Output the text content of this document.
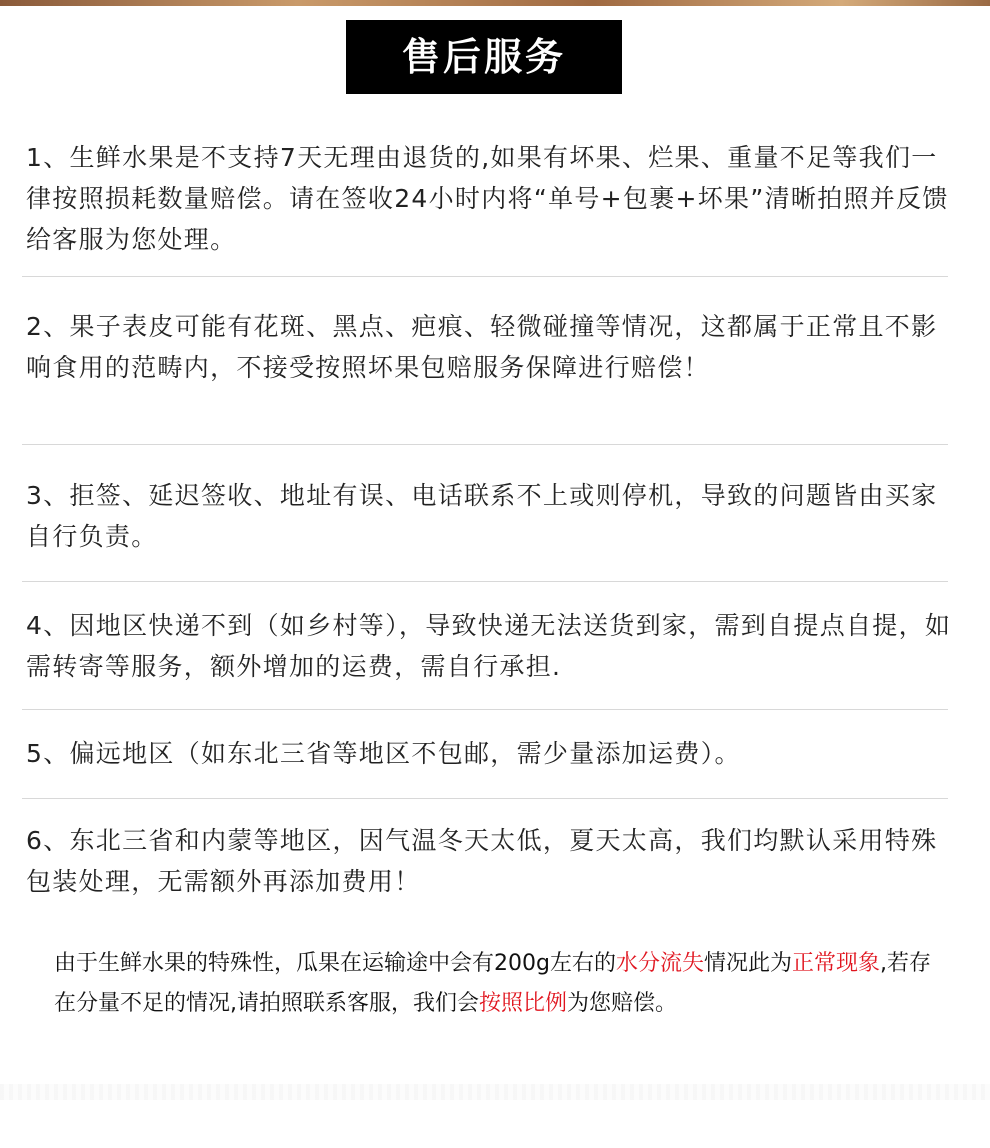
售后服务
1、生鲜水果是不支持7天无理由退货的,如果有坏果、烂果、重量不足等我们一律按照损耗数量赔偿。请在签收24小时内将“单号+包裹+坏果”清晰拍照并反馈给客服为您处理。
2、果子表皮可能有花斑、黑点、疤痕、轻微碰撞等情况，这都属于正常且不影响食用的范畴内，不接受按照坏果包赔服务保障进行赔偿！
3、拒签、延迟签收、地址有误、电话联系不上或则停机，导致的问题皆由买家自行负责。
4、因地区快递不到（如乡村等），导致快递无法送货到家，需到自提点自提，如需转寄等服务，额外增加的运费，需自行承担.
5、偏远地区（如东北三省等地区不包邮，需少量添加运费）。
6、东北三省和内蒙等地区，因气温冬天太低，夏天太高，我们均默认采用特殊包装处理，无需额外再添加费用！
由于生鲜水果的特殊性，瓜果在运输途中会有200g左右的水分流失情况此为正常现象,若存在分量不足的情况,请拍照联系客服，我们会按照比例为您赔偿。
